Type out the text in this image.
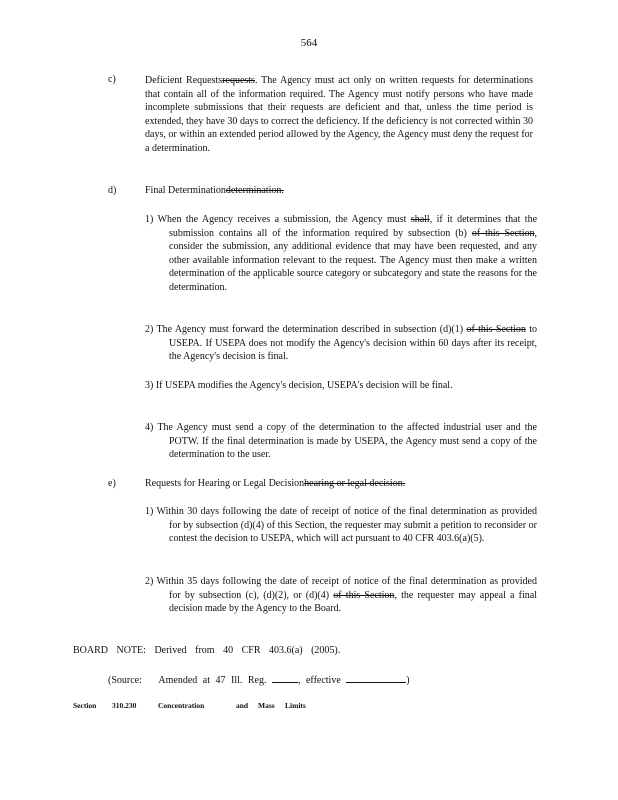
564
c)	Deficient Requestsrequests. The Agency must act only on written requests for determinations that contain all of the information required. The Agency must notify persons who have made incomplete submissions that their requests are deficient and that, unless the time period is extended, they have 30 days to correct the deficiency. If the deficiency is not corrected within 30 days, or within an extended period allowed by the Agency, the Agency must deny the request for a determination.
d)	Final Determinationdetermination.
1) When the Agency receives a submission, the Agency must shall, if it determines that the submission contains all of the information required by subsection (b) of this Section, consider the submission, any additional evidence that may have been requested, and any other available information relevant to the request. The Agency must then make a written determination of the applicable source category or subcategory and state the reasons for the determination.
2) The Agency must forward the determination described in subsection (d)(1) of this Section to USEPA. If USEPA does not modify the Agency's decision within 60 days after its receipt, the Agency's decision is final.
3) If USEPA modifies the Agency's decision, USEPA's decision will be final.
4) The Agency must send a copy of the determination to the affected industrial user and the POTW. If the final determination is made by USEPA, the Agency must send a copy of the determination to the user.
e)	Requests for Hearing or Legal Decisionhearing or legal decision.
1) Within 30 days following the date of receipt of notice of the final determination as provided for by subsection (d)(4) of this Section, the requester may submit a petition to reconsider or contest the decision to USEPA, which will act pursuant to 40 CFR 403.6(a)(5).
2) Within 35 days following the date of receipt of notice of the final determination as provided for by subsection (c), (d)(2), or (d)(4) of this Section, the requester may appeal a final decision made by the Agency to the Board.
BOARD NOTE: Derived from 40 CFR 403.6(a) (2005).
(Source: Amended at 47 Ill. Reg.	, effective	)
Section 310.230	Concentration	and Mass Limits
